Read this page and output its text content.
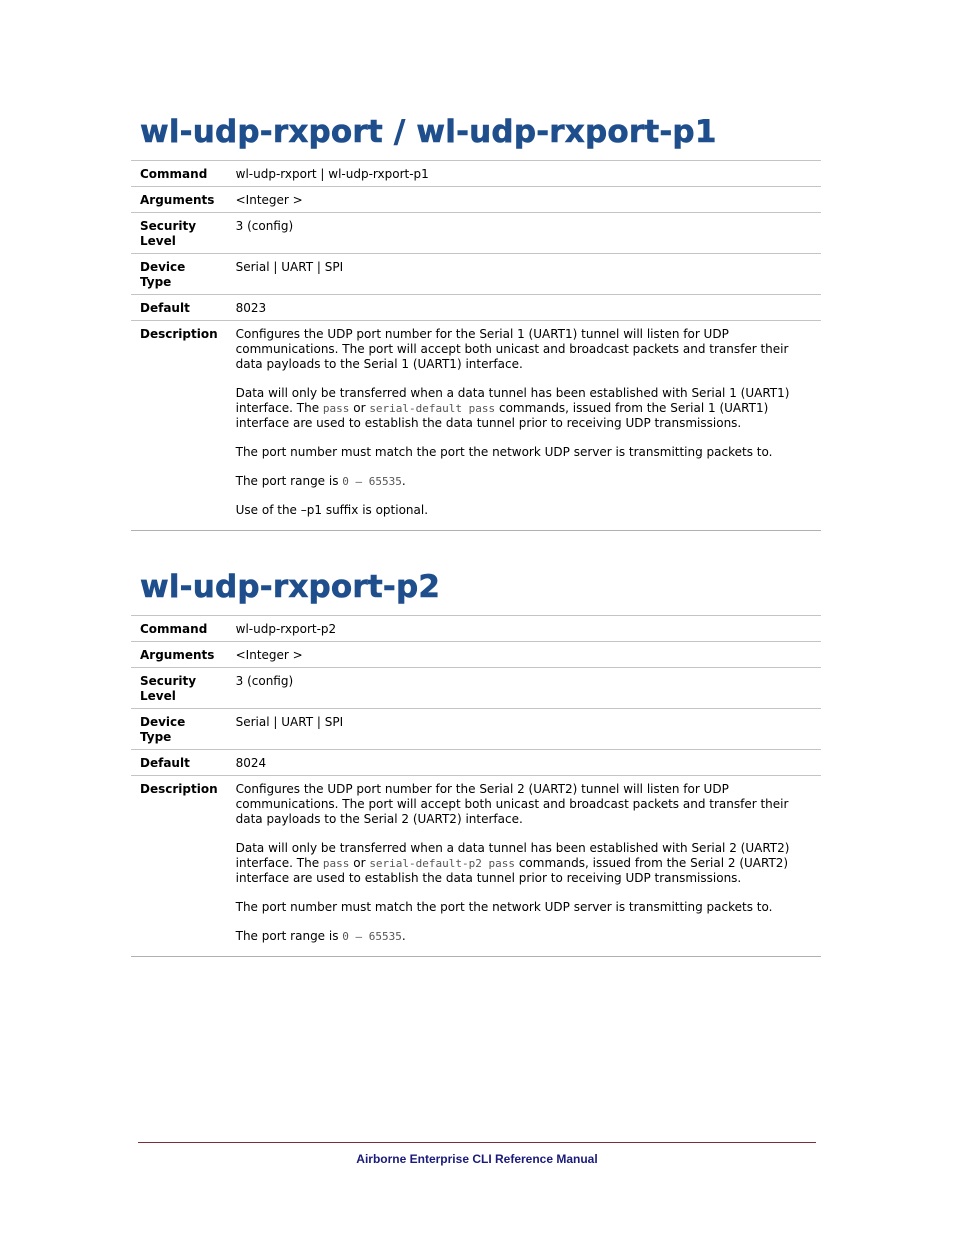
wl-udp-rxport / wl-udp-rxport-p1
Command	wl-udp-rxport | wl-udp-rxport-p1
Arguments	<Integer >
Security Level	3 (config)
Device Type	Serial | UART | SPI
Default	8023
Description	Configures the UDP port number for the Serial 1 (UART1) tunnel will listen for UDP communications. The port will accept both unicast and broadcast packets and transfer their data payloads to the Serial 1 (UART1) interface.

Data will only be transferred when a data tunnel has been established with Serial 1 (UART1) interface. The pass or serial-default pass commands, issued from the Serial 1 (UART1) interface are used to establish the data tunnel prior to receiving UDP transmissions.

The port number must match the port the network UDP server is transmitting packets to.

The port range is 0 – 65535.

Use of the –p1 suffix is optional.

wl-udp-rxport-p2
Command	wl-udp-rxport-p2
Arguments	<Integer >
Security Level	3 (config)
Device Type	Serial | UART | SPI
Default	8024
Description	Configures the UDP port number for the Serial 2 (UART2) tunnel will listen for UDP communications. The port will accept both unicast and broadcast packets and transfer their data payloads to the Serial 2 (UART2) interface.

Data will only be transferred when a data tunnel has been established with Serial 2 (UART2) interface. The pass or serial-default-p2 pass commands, issued from the Serial 2 (UART2) interface are used to establish the data tunnel prior to receiving UDP transmissions.

The port number must match the port the network UDP server is transmitting packets to.

The port range is 0 – 65535.

Airborne Enterprise CLI Reference Manual
